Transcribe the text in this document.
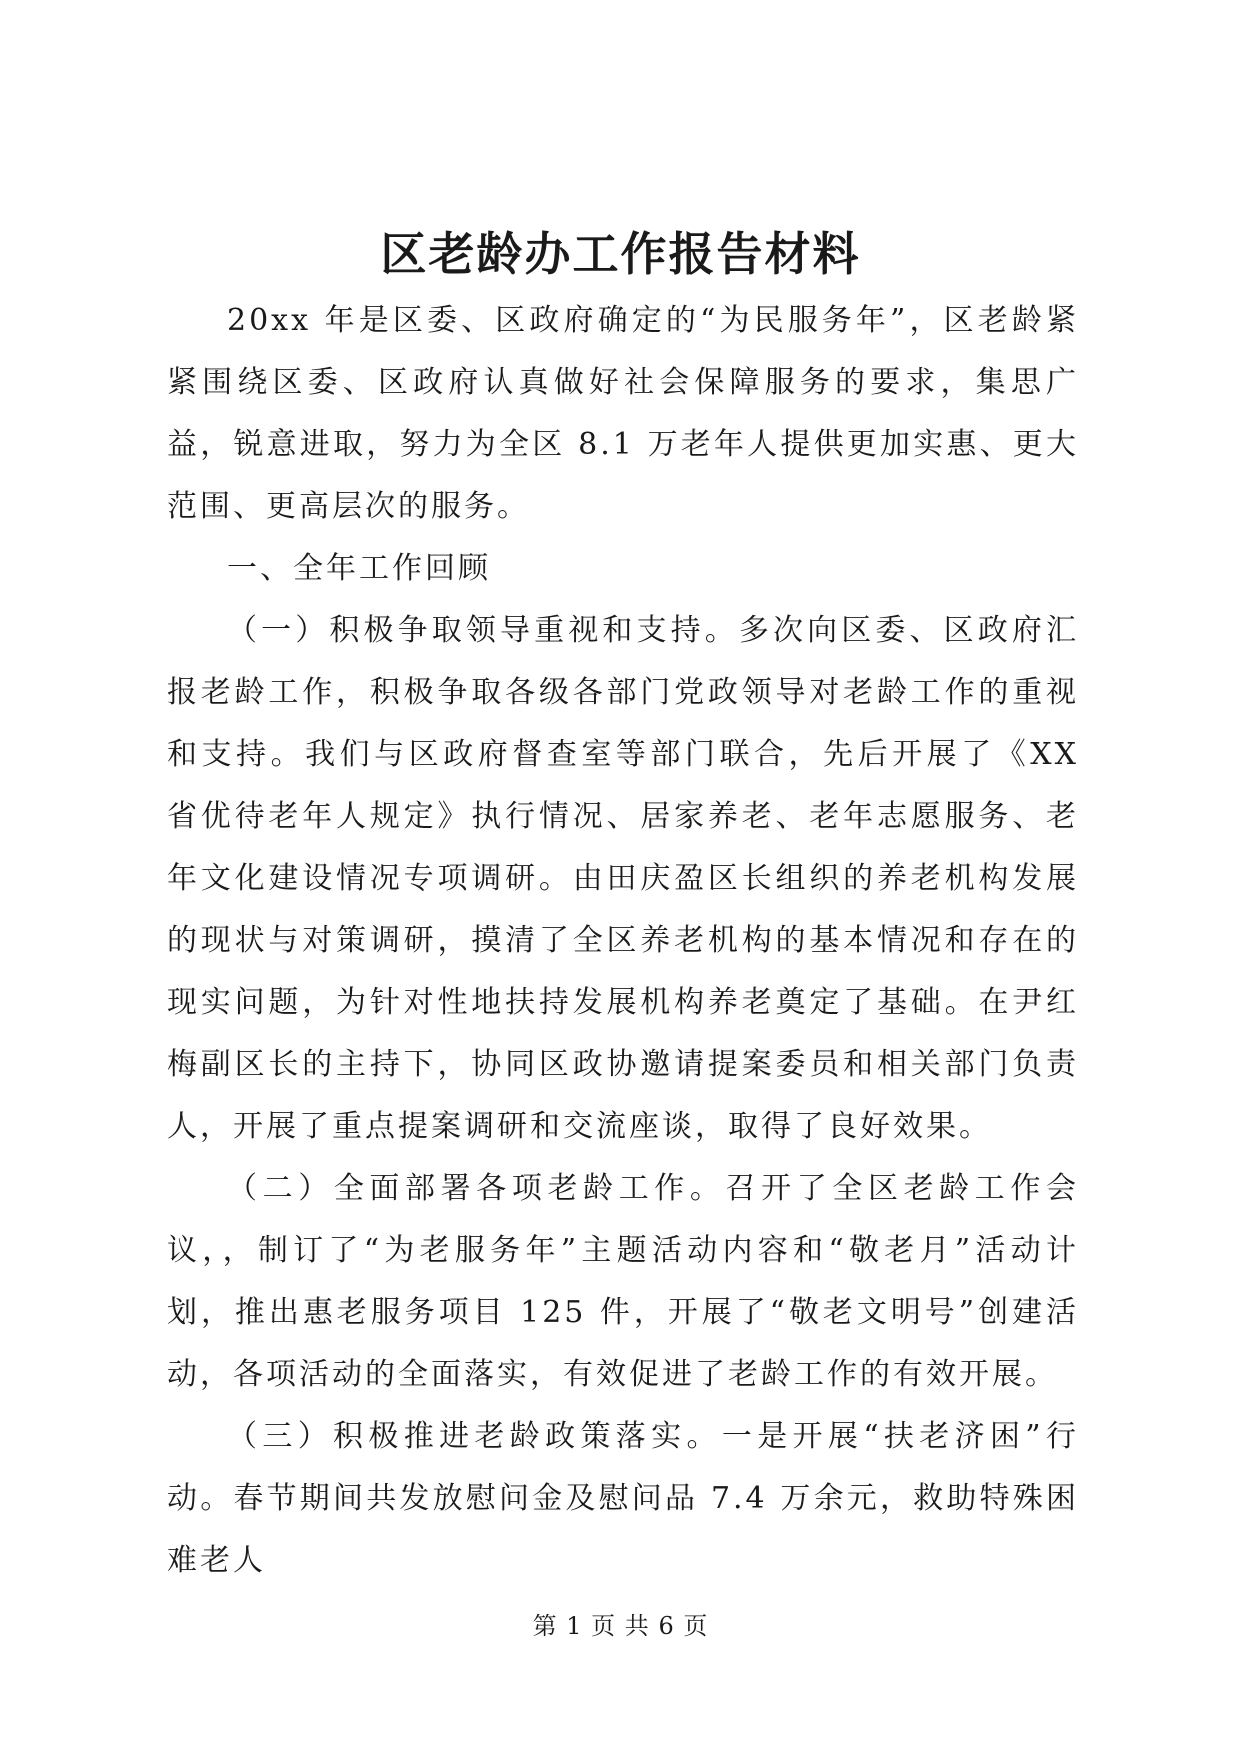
区老龄办工作报告材料

20xx 年是区委、区政府确定的“为民服务年”，区老龄紧紧围绕区委、区政府认真做好社会保障服务的要求，集思广益，锐意进取，努力为全区 8.1 万老年人提供更加实惠、更大范围、更高层次的服务。

一、全年工作回顾

（一）积极争取领导重视和支持。多次向区委、区政府汇报老龄工作，积极争取各级各部门党政领导对老龄工作的重视和支持。我们与区政府督查室等部门联合，先后开展了《XX 省优待老年人规定》执行情况、居家养老、老年志愿服务、老年文化建设情况专项调研。由田庆盈区长组织的养老机构发展的现状与对策调研，摸清了全区养老机构的基本情况和存在的现实问题，为针对性地扶持发展机构养老奠定了基础。在尹红梅副区长的主持下，协同区政协邀请提案委员和相关部门负责人，开展了重点提案调研和交流座谈，取得了良好效果。

（二）全面部署各项老龄工作。召开了全区老龄工作会议，，制订了“为老服务年”主题活动内容和“敬老月”活动计划，推出惠老服务项目 125 件，开展了“敬老文明号”创建活动，各项活动的全面落实，有效促进了老龄工作的有效开展。

（三）积极推进老龄政策落实。一是开展“扶老济困”行动。春节期间共发放慰问金及慰问品 7.4 万余元，救助特殊困难老人

第 1 页 共 6 页
